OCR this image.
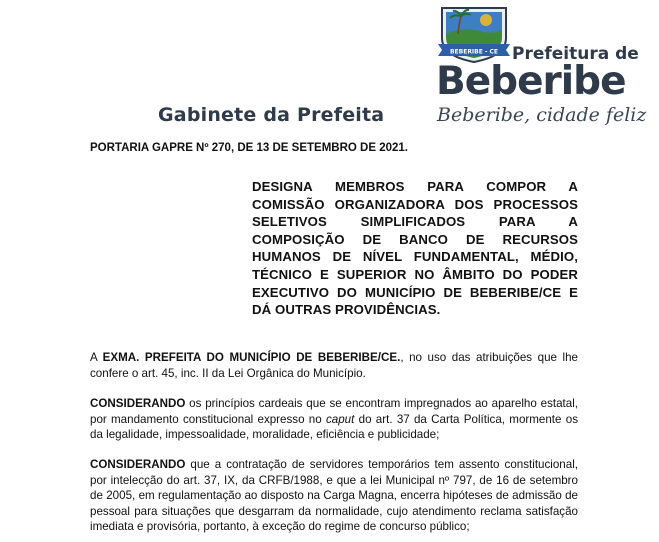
Gabinete da Prefeita
BEBERIBE - CE Prefeitura de
Beberibe
Beberibe, cidade feliz
PORTARIA GAPRE Nº 270, DE 13 DE SETEMBRO DE 2021.
DESIGNA MEMBROS PARA COMPOR A COMISSÃO ORGANIZADORA DOS PROCESSOS SELETIVOS SIMPLIFICADOS PARA A COMPOSIÇÃO DE BANCO DE RECURSOS HUMANOS DE NÍVEL FUNDAMENTAL, MÉDIO, TÉCNICO E SUPERIOR NO ÂMBITO DO PODER EXECUTIVO DO MUNICÍPIO DE BEBERIBE/CE E DÁ OUTRAS PROVIDÊNCIAS.
A EXMA. PREFEITA DO MUNICÍPIO DE BEBERIBE/CE., no uso das atribuições que lhe confere o art. 45, inc. II da Lei Orgânica do Município.
CONSIDERANDO os princípios cardeais que se encontram impregnados ao aparelho estatal, por mandamento constitucional expresso no caput do art. 37 da Carta Política, mormente os da legalidade, impessoalidade, moralidade, eficiência e publicidade;
CONSIDERANDO que a contratação de servidores temporários tem assento constitucional, por intelecção do art. 37, IX, da CRFB/1988, e que a lei Municipal nº 797, de 16 de setembro de 2005, em regulamentação ao disposto na Carga Magna, encerra hipóteses de admissão de pessoal para situações que desgarram da normalidade, cujo atendimento reclama satisfação imediata e provisória, portanto, à exceção do regime de concurso público;
